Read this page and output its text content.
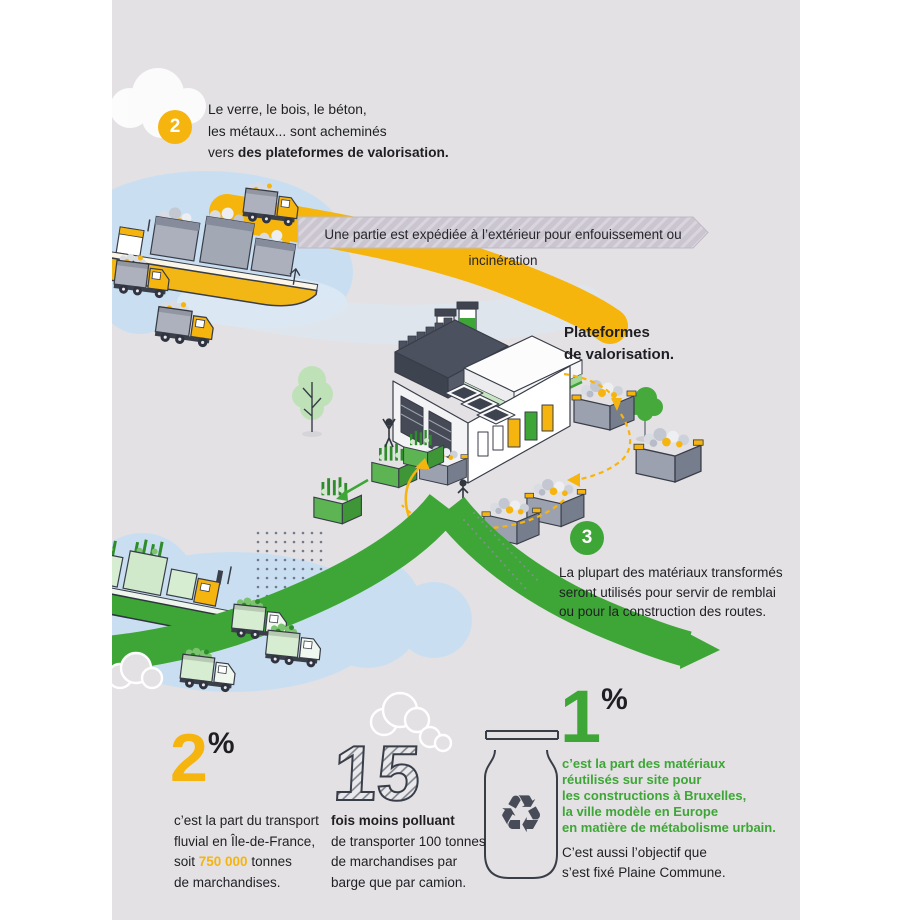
♻
15
2
Le verre, le bois, le béton,
les métaux... sont acheminés
vers des plateformes de valorisation.
Une partie est expédiée à l’extérieur pour enfouissement ou incinération
Plateformes
de valorisation.
3
La plupart des matériaux transformés
seront utilisés pour servir de remblai
ou pour la construction des routes.
2 %
c’est la part du transport
fluvial en Île-de-France,
soit 750 000 tonnes
de marchandises.
fois moins polluant
de transporter 100 tonnes
de marchandises par
barge que par camion.
1 %
c’est la part des matériaux
réutilisés sur site pour
les constructions à Bruxelles,
la ville modèle en Europe
en matière de métabolisme urbain.
C’est aussi l’objectif que
s’est fixé Plaine Commune.
